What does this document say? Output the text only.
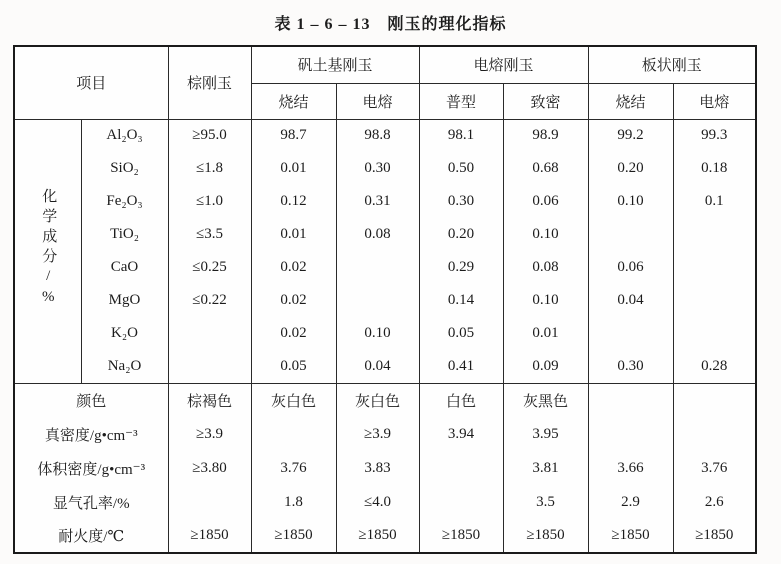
表 1 – 6 – 13　刚玉的理化指标
项目		棕刚玉	矾土基刚玉		电熔刚玉		板状刚玉	
			烧结	电熔	普型	致密	烧结	电熔
化学成分/%	Al₂O₃	≥95.0	98.7	98.8	98.1	98.9	99.2	99.3
	SiO₂	≤1.8	0.01	0.30	0.50	0.68	0.20	0.18
	Fe₂O₃	≤1.0	0.12	0.31	0.30	0.06	0.10	0.1
	TiO₂	≤3.5	0.01	0.08	0.20	0.10		
	CaO	≤0.25	0.02		0.29	0.08	0.06	
	MgO	≤0.22	0.02		0.14	0.10	0.04	
	K₂O		0.02	0.10	0.05	0.01		
	Na₂O		0.05	0.04	0.41	0.09	0.30	0.28
颜色		棕褐色	灰白色	灰白色	白色	灰黑色		
真密度/g•cm⁻³		≥3.9		≥3.9	3.94	3.95		
体积密度/g•cm⁻³		≥3.80	3.76	3.83		3.81	3.66	3.76
显气孔率/%			1.8	≤4.0		3.5	2.9	2.6
耐火度/℃		≥1850	≥1850	≥1850	≥1850	≥1850	≥1850	≥1850
